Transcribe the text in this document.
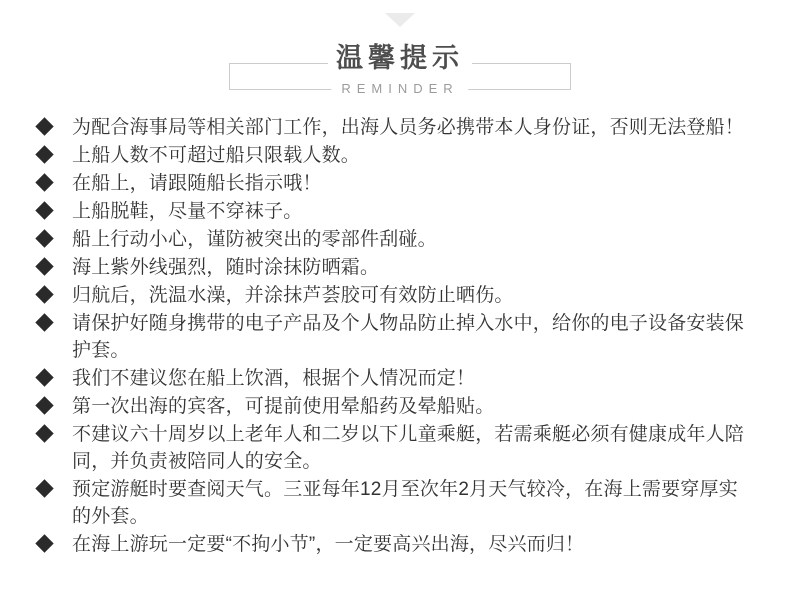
温馨提示
REMINDER
为配合海事局等相关部门工作，出海人员务必携带本人身份证，否则无法登船！
上船人数不可超过船只限载人数。
在船上，请跟随船长指示哦！
上船脱鞋，尽量不穿袜子。
船上行动小心，谨防被突出的零部件刮碰。
海上紫外线强烈，随时涂抹防晒霜。
归航后，洗温水澡，并涂抹芦荟胶可有效防止晒伤。
请保护好随身携带的电子产品及个人物品防止掉入水中，给你的电子设备安装保护套。
我们不建议您在船上饮酒，根据个人情况而定！
第一次出海的宾客，可提前使用晕船药及晕船贴。
不建议六十周岁以上老年人和二岁以下儿童乘艇，若需乘艇必须有健康成年人陪同，并负责被陪同人的安全。
预定游艇时要查阅天气。三亚每年12月至次年2月天气较冷，在海上需要穿厚实的外套。
在海上游玩一定要“不拘小节”，一定要高兴出海，尽兴而归！
